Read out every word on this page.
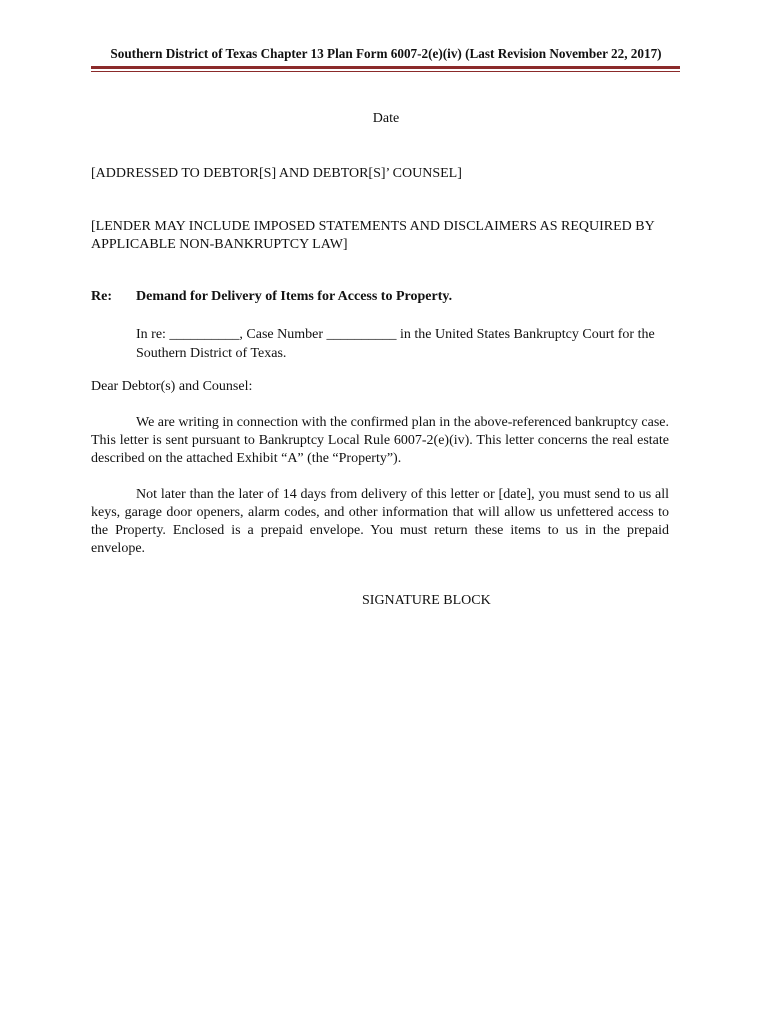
Southern District of Texas Chapter 13 Plan Form 6007-2(e)(iv) (Last Revision November 22, 2017)
Date
[ADDRESSED TO DEBTOR[S] AND DEBTOR[S]’ COUNSEL]
[LENDER MAY INCLUDE IMPOSED STATEMENTS AND DISCLAIMERS AS REQUIRED BY APPLICABLE NON-BANKRUPTCY LAW]
Re: Demand for Delivery of Items for Access to Property.
In re: __________, Case Number __________ in the United States Bankruptcy Court for the Southern District of Texas.
Dear Debtor(s) and Counsel:
We are writing in connection with the confirmed plan in the above-referenced bankruptcy case. This letter is sent pursuant to Bankruptcy Local Rule 6007-2(e)(iv). This letter concerns the real estate described on the attached Exhibit “A” (the “Property”).
Not later than the later of 14 days from delivery of this letter or [date], you must send to us all keys, garage door openers, alarm codes, and other information that will allow us unfettered access to the Property. Enclosed is a prepaid envelope. You must return these items to us in the prepaid envelope.
SIGNATURE BLOCK
